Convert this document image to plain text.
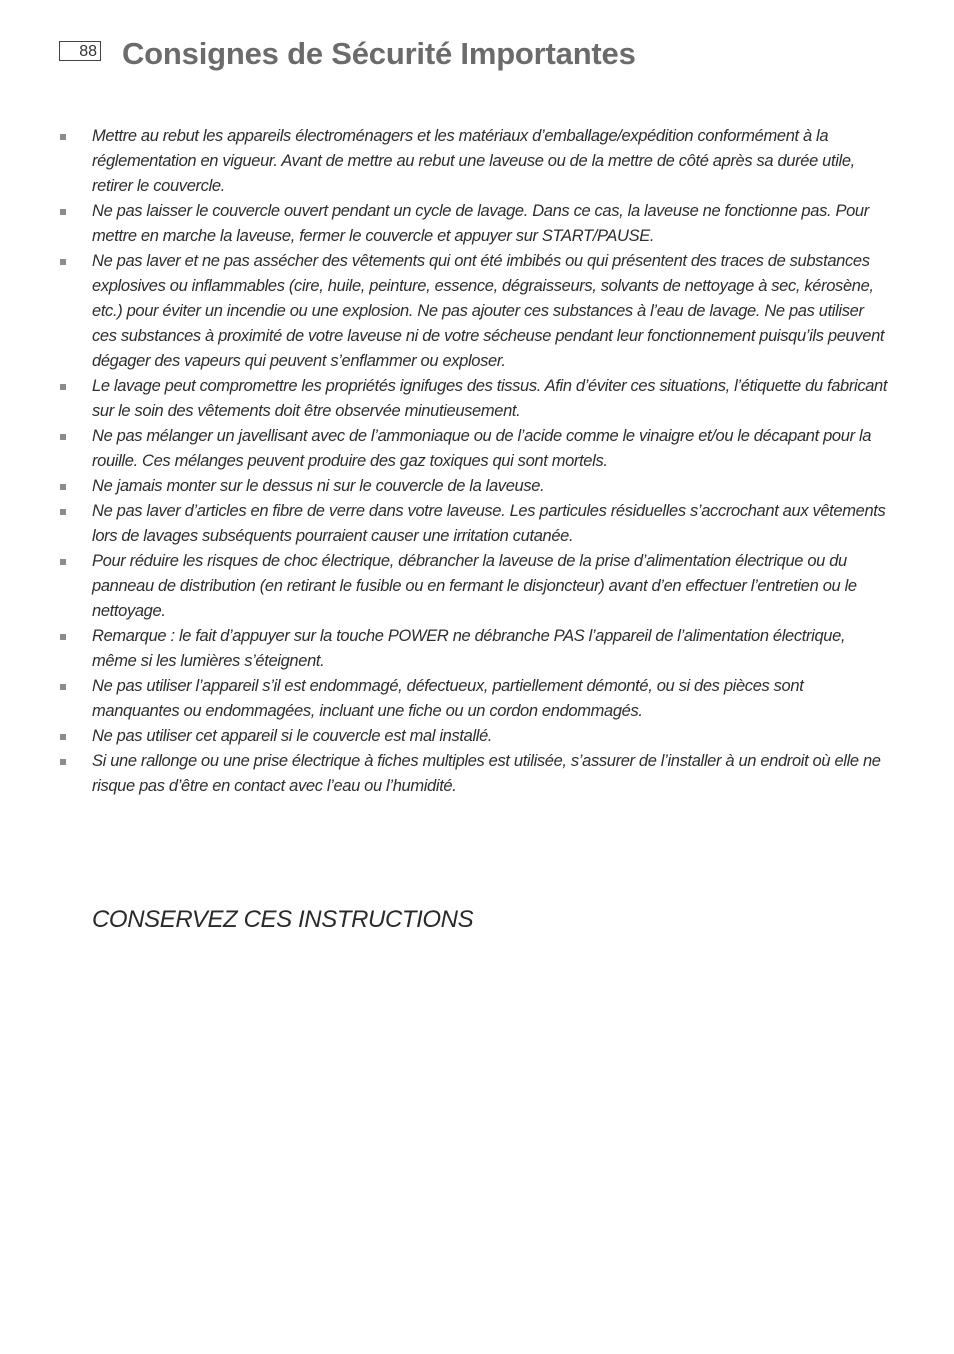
88 Consignes de Sécurité Importantes
Mettre au rebut les appareils électroménagers et les matériaux d’emballage/expédition conformément à la réglementation en vigueur. Avant de mettre au rebut une laveuse ou de la mettre de côté après sa durée utile, retirer le couvercle.
Ne pas laisser le couvercle ouvert pendant un cycle de lavage. Dans ce cas, la laveuse ne fonctionne pas. Pour mettre en marche la laveuse, fermer le couvercle et appuyer sur START/PAUSE.
Ne pas laver et ne pas assécher des vêtements qui ont été imbibés ou qui présentent des traces de substances explosives ou inflammables (cire, huile, peinture, essence, dégraisseurs, solvants de nettoyage à sec, kérosène, etc.) pour éviter un incendie ou une explosion. Ne pas ajouter ces substances à l’eau de lavage. Ne pas utiliser ces substances à proximité de votre laveuse ni de votre sécheuse pendant leur fonctionnement puisqu’ils peuvent dégager des vapeurs qui peuvent s’enflammer ou exploser.
Le lavage peut compromettre les propriétés ignifuges des tissus. Afin d’éviter ces situations, l’étiquette du fabricant sur le soin des vêtements doit être observée minutieusement.
Ne pas mélanger un javellisant avec de l’ammoniaque ou de l’acide comme le vinaigre et/ou le décapant pour la rouille. Ces mélanges peuvent produire des gaz toxiques qui sont mortels.
Ne jamais monter sur le dessus ni sur le couvercle de la laveuse.
Ne pas laver d’articles en fibre de verre dans votre laveuse. Les particules résiduelles s’accrochant aux vêtements lors de lavages subséquents pourraient causer une irritation cutanée.
Pour réduire les risques de choc électrique, débrancher la laveuse de la prise d’alimentation électrique ou du panneau de distribution (en retirant le fusible ou en fermant le disjoncteur) avant d’en effectuer l’entretien ou le nettoyage.
Remarque : le fait d’appuyer sur la touche POWER ne débranche PAS l’appareil de l’alimentation électrique, même si les lumières s’éteignent.
Ne pas utiliser l’appareil s’il est endommagé, défectueux, partiellement démonté, ou si des pièces sont manquantes ou endommagées, incluant une fiche ou un cordon endommagés.
Ne pas utiliser cet appareil si le couvercle est mal installé.
Si une rallonge ou une prise électrique à fiches multiples est utilisée, s’assurer de l’installer à un endroit où elle ne risque pas d’être en contact avec l’eau ou l’humidité.
CONSERVEZ CES INSTRUCTIONS
